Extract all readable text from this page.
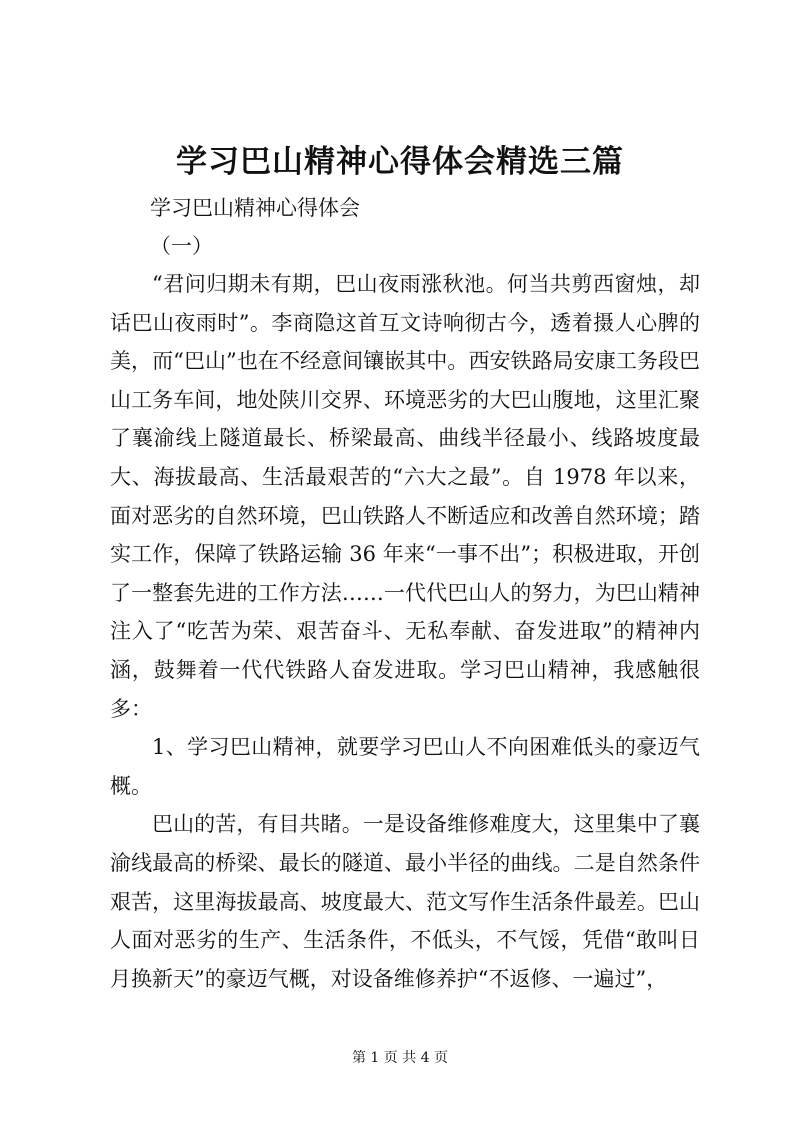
学习巴山精神心得体会精选三篇
学习巴山精神心得体会
（一）

“君问归期未有期，巴山夜雨涨秋池。何当共剪西窗烛，却话巴山夜雨时”。李商隐这首互文诗响彻古今，透着摄人心脾的美，而“巴山”也在不经意间镶嵌其中。西安铁路局安康工务段巴山工务车间，地处陕川交界、环境恶劣的大巴山腹地，这里汇聚了襄渝线上隧道最长、桥梁最高、曲线半径最小、线路坡度最大、海拔最高、生活最艰苦的“六大之最”。自 1978 年以来，面对恶劣的自然环境，巴山铁路人不断适应和改善自然环境；踏实工作，保障了铁路运输 36 年来“一事不出”；积极进取，开创了一整套先进的工作方法……一代代巴山人的努力，为巴山精神注入了“吃苦为荣、艰苦奋斗、无私奉献、奋发进取”的精神内涵，鼓舞着一代代铁路人奋发进取。学习巴山精神，我感触很多：

1、学习巴山精神，就要学习巴山人不向困难低头的豪迈气概。

巴山的苦，有目共睹。一是设备维修难度大，这里集中了襄渝线最高的桥梁、最长的隧道、最小半径的曲线。二是自然条件艰苦，这里海拔最高、坡度最大、范文写作生活条件最差。巴山人面对恶劣的生产、生活条件，不低头，不气馁，凭借“敢叫日月换新天”的豪迈气概，对设备维修养护“不返修、一遍过”，

第 1 页 共 4 页
